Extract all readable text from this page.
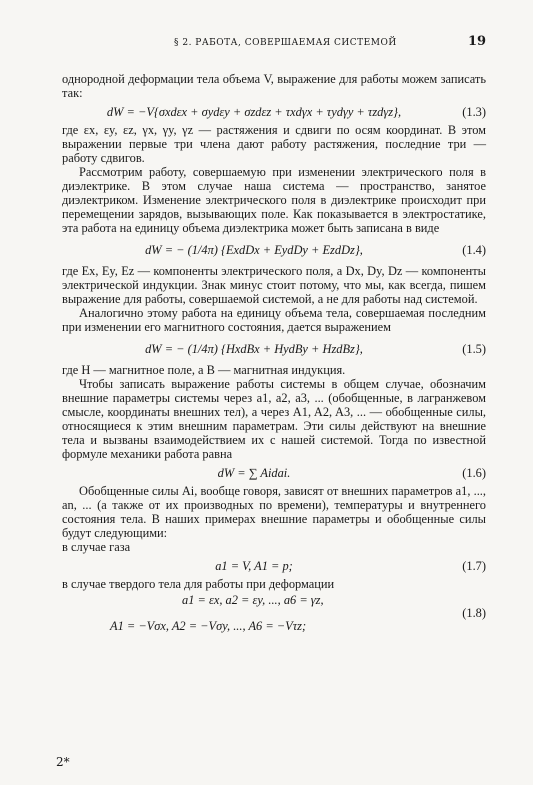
§ 2. РАБОТА, СОВЕРШАЕМАЯ СИСТЕМОЙ	19

однородной деформации тела объема V, выражение для работы можем записать так:

dW = −V{σxdεx + σydεy + σzdεz + τxdγx + τydγy + τzdγz},	(1.3)

где εx, εy, εz, γx, γy, γz — растяжения и сдвиги по осям координат. В этом выражении первые три члена дают работу растяжения, последние три — работу сдвигов.

Рассмотрим работу, совершаемую при изменении электрического поля в диэлектрике. В этом случае наша система — пространство, занятое диэлектриком. Изменение электрического поля в диэлектрике происходит при перемещении зарядов, вызывающих поле. Как показывается в электростатике, эта работа на единицу объема диэлектрика может быть записана в виде

dW = − (1/4π) {ExdDx + EydDy + EzdDz},	(1.4)

где Ex, Ey, Ez — компоненты электрического поля, а Dx, Dy, Dz — компоненты электрической индукции. Знак минус стоит потому, что мы, как всегда, пишем выражение для работы, совершаемой системой, а не для работы над системой.

Аналогично этому работа на единицу объема тела, совершаемая последним при изменении его магнитного состояния, дается выражением

dW = − (1/4π) {HxdBx + HydBy + HzdBz},	(1.5)

где H — магнитное поле, а B — магнитная индукция.

Чтобы записать выражение работы системы в общем случае, обозначим внешние параметры системы через a1, a2, a3, ... (обобщенные, в лагранжевом смысле, координаты внешних тел), а через A1, A2, A3, ... — обобщенные силы, относящиеся к этим внешним параметрам. Эти силы действуют на внешние тела и вызваны взаимодействием их с нашей системой. Тогда по известной формуле механики работа равна

dW = ∑ Aidai.	(1.6)

Обобщенные силы Ai, вообще говоря, зависят от внешних параметров a1, ..., an, ... (а также от их производных по времени), температуры и внутреннего состояния тела. В наших примерах внешние параметры и обобщенные силы будут следующими:

в случае газа

a1 = V, A1 = p;	(1.7)

в случае твердого тела для работы при деформации

a1 = εx, a2 = εy, ..., a6 = γz,
A1 = −Vσx, A2 = −Vσy, ..., A6 = −Vτz;
(1.8)
2*
